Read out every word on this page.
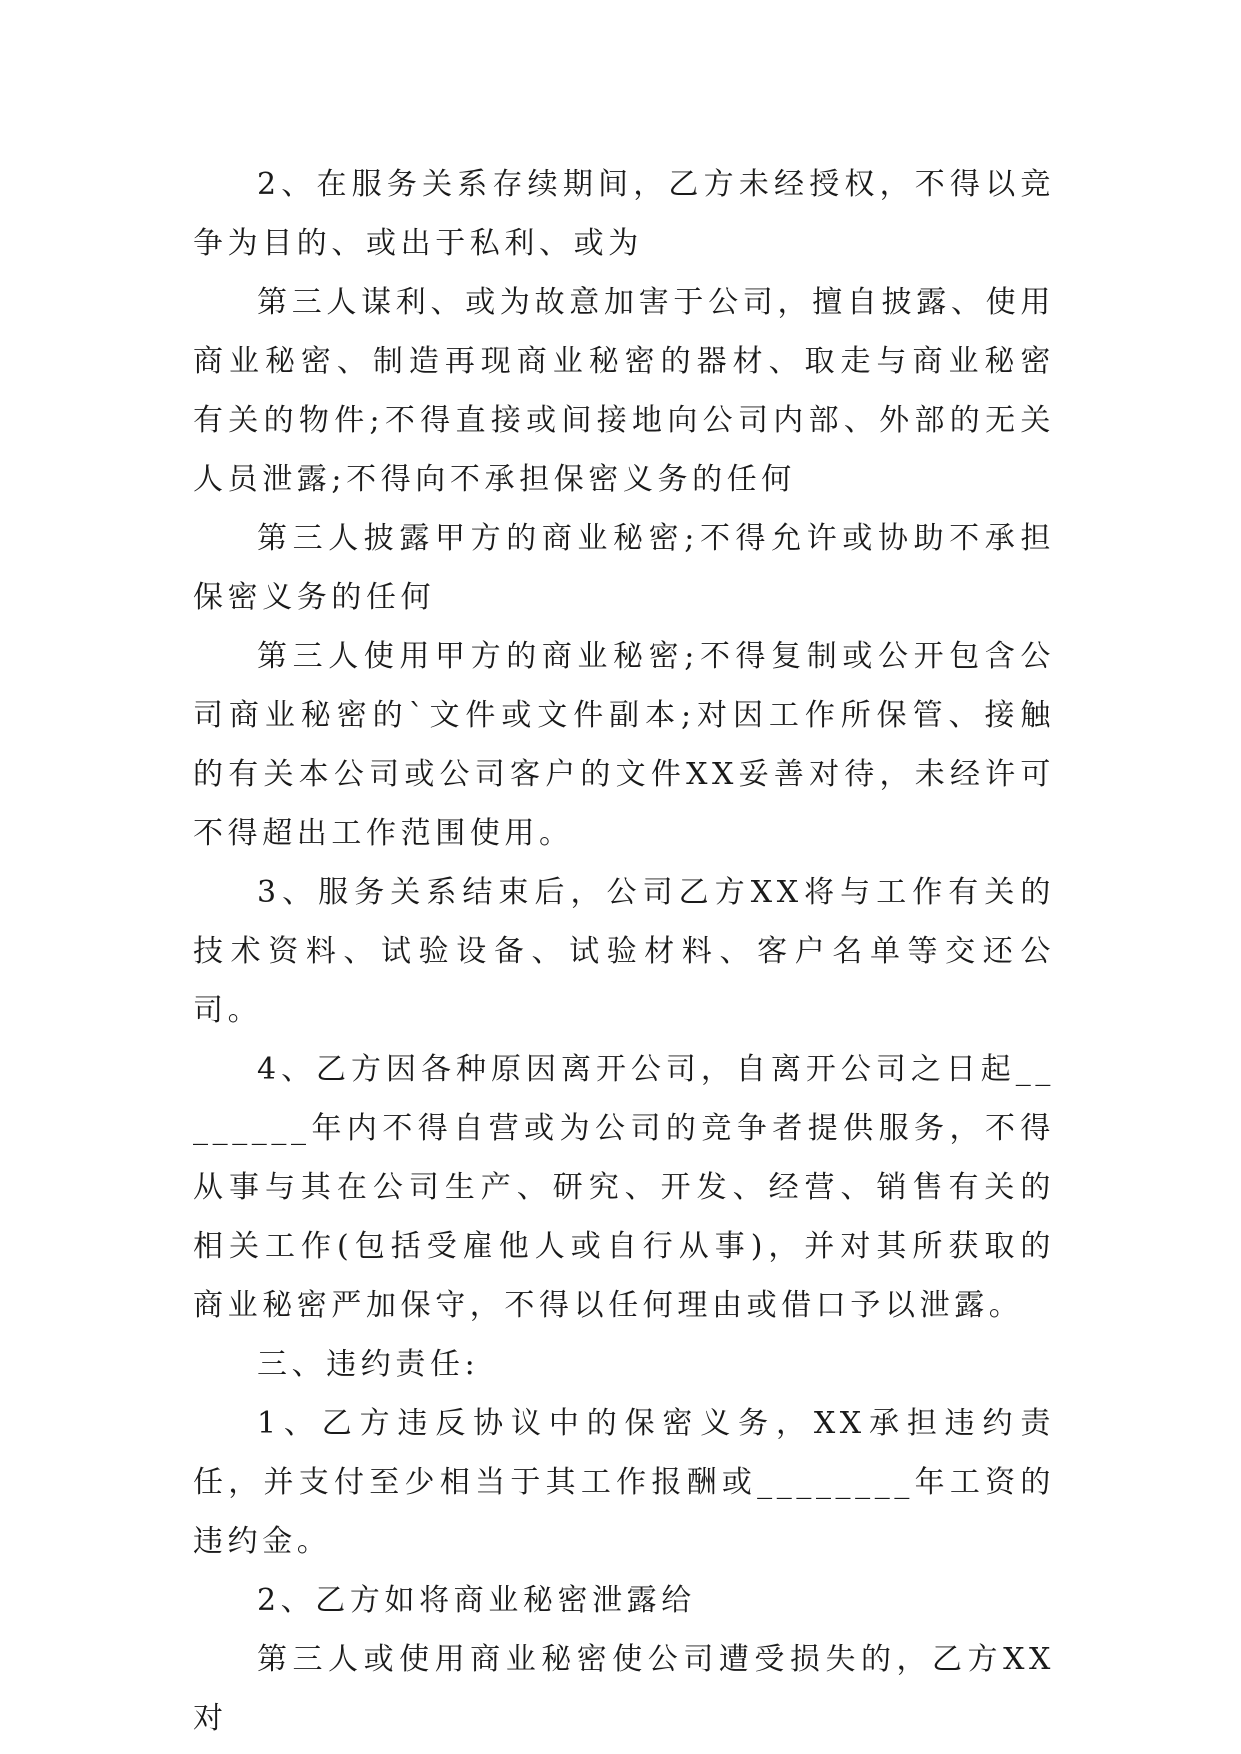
2、在服务关系存续期间，乙方未经授权，不得以竞争为目的、或出于私利、或为

第三人谋利、或为故意加害于公司，擅自披露、使用商业秘密、制造再现商业秘密的器材、取走与商业秘密有关的物件;不得直接或间接地向公司内部、外部的无关人员泄露;不得向不承担保密义务的任何

第三人披露甲方的商业秘密;不得允许或协助不承担保密义务的任何

第三人使用甲方的商业秘密;不得复制或公开包含公司商业秘密的`文件或文件副本;对因工作所保管、接触的有关本公司或公司客户的文件XX妥善对待，未经许可不得超出工作范围使用。

3、服务关系结束后，公司乙方XX将与工作有关的技术资料、试验设备、试验材料、客户名单等交还公司。

4、乙方因各种原因离开公司，自离开公司之日起________年内不得自营或为公司的竞争者提供服务，不得从事与其在公司生产、研究、开发、经营、销售有关的相关工作(包括受雇他人或自行从事)，并对其所获取的商业秘密严加保守，不得以任何理由或借口予以泄露。

三、违约责任:

1、乙方违反协议中的保密义务，XX承担违约责任，并支付至少相当于其工作报酬或________年工资的违约金。

2、乙方如将商业秘密泄露给

第三人或使用商业秘密使公司遭受损失的，乙方XX对
